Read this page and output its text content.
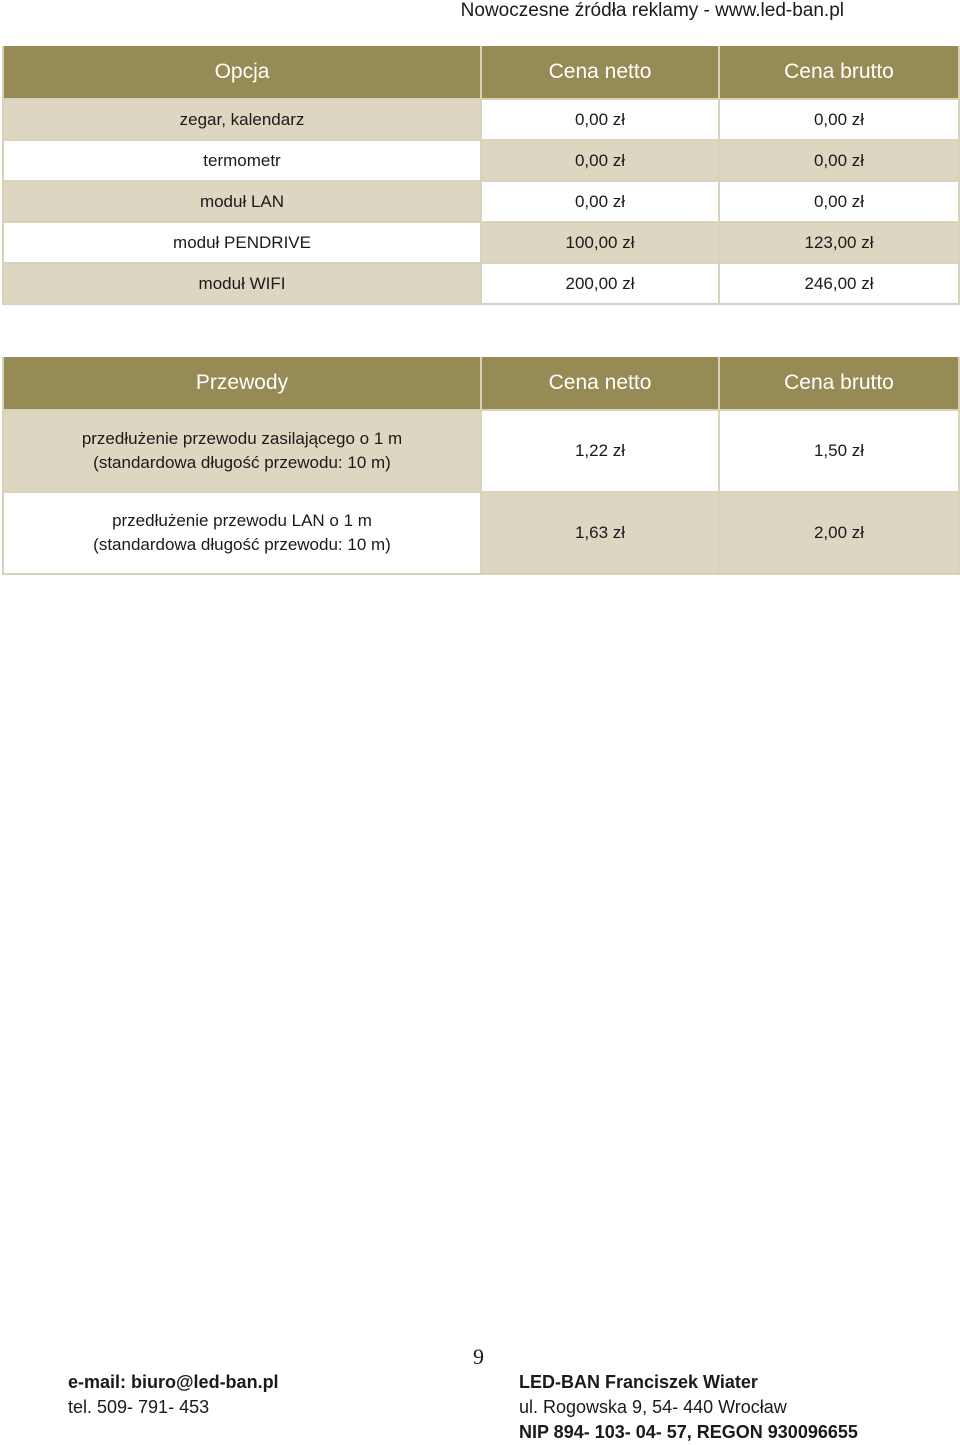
Nowoczesne źródła reklamy - www.led-ban.pl
Opcja	Cena netto	Cena brutto
zegar, kalendarz	0,00 zł	0,00 zł
termometr	0,00 zł	0,00 zł
moduł LAN	0,00 zł	0,00 zł
moduł PENDRIVE	100,00 zł	123,00 zł
moduł WIFI	200,00 zł	246,00 zł
Przewody	Cena netto	Cena brutto

przedłużenie przewodu zasilającego o 1 m
(standardowa długość przewodu: 10 m)	1,22 zł	1,50 zł

przedłużenie przewodu LAN o 1 m
(standardowa długość przewodu: 10 m)	1,63 zł	2,00 zł
9
e-mail: biuro@led-ban.pl
tel. 509- 791- 453
LED-BAN Franciszek Wiater
ul. Rogowska 9, 54- 440 Wrocław
NIP 894- 103- 04- 57, REGON 930096655
